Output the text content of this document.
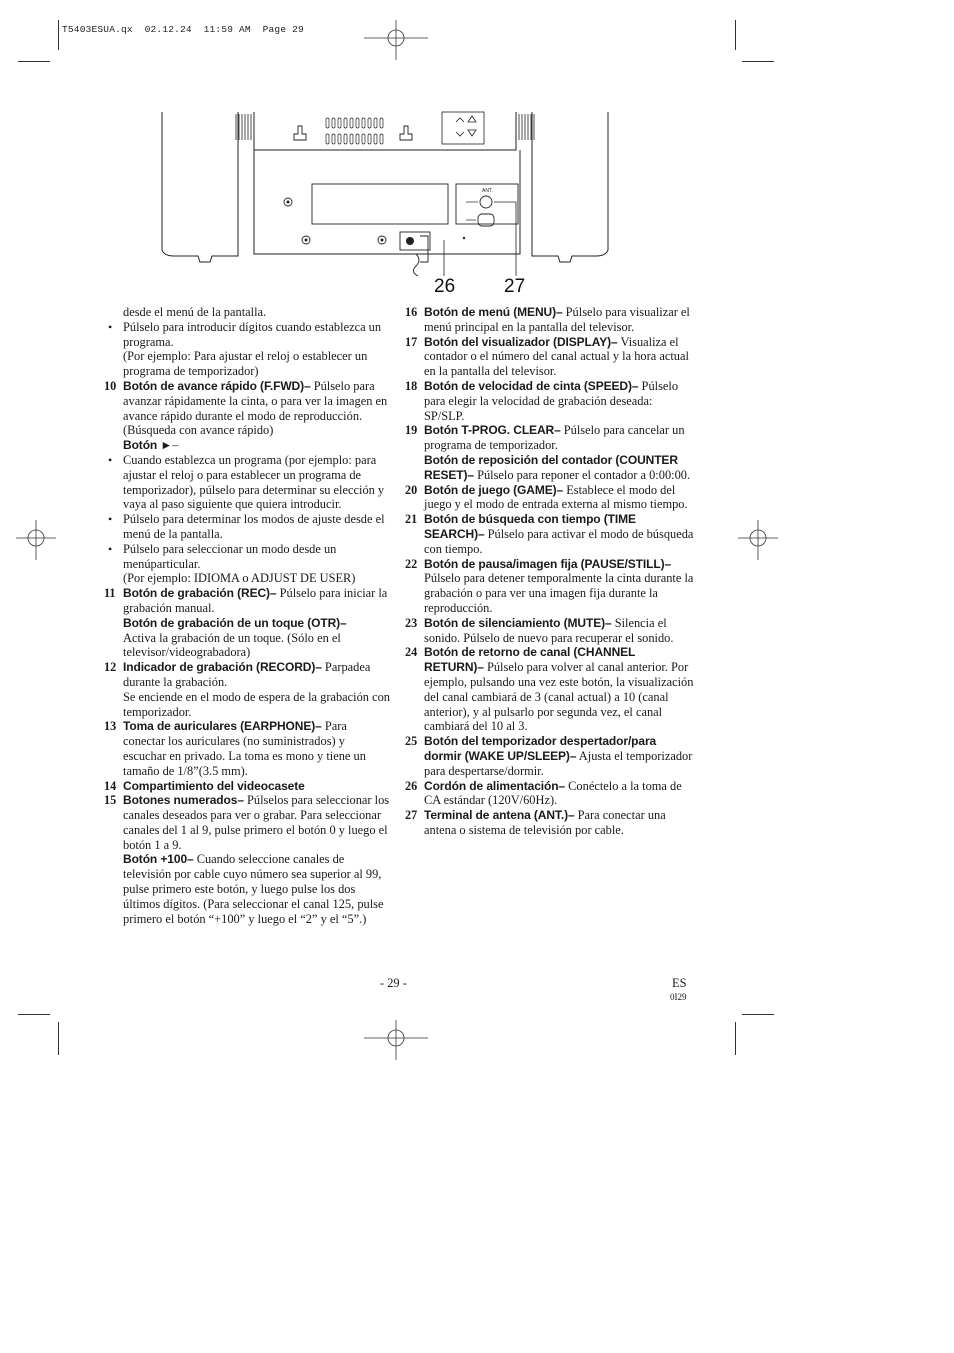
T5403ESUA.qx  02.12.24  11:59 AM  Page 29
ANT.
26	27
desde el menú de la pantalla.
• Púlselo para introducir dígitos cuando establezca un programa.
(Por ejemplo: Para ajustar el reloj o establecer un programa de temporizador)
10 Botón de avance rápido (F.FWD)– Púlselo para avanzar rápidamente la cinta, o para ver la imagen en avance rápido durante el modo de reproducción. (Búsqueda con avance rápido)
Botón ►–
• Cuando establezca un programa (por ejemplo: para ajustar el reloj o para establecer un programa de temporizador), púlselo para determinar su elección y vaya al paso siguiente que quiera introducir.
• Púlselo para determinar los modos de ajuste desde el menú de la pantalla.
• Púlselo para seleccionar un modo desde un menúparticular.
(Por ejemplo: IDIOMA o ADJUST DE USER)
11 Botón de grabación (REC)– Púlselo para iniciar la grabación manual.
Botón de grabación de un toque (OTR)–
Activa la grabación de un toque. (Sólo en el televisor/videograbadora)
12 Indicador de grabación (RECORD)– Parpadea durante la grabación.
Se enciende en el modo de espera de la grabación con temporizador.
13 Toma de auriculares (EARPHONE)– Para conectar los auriculares (no suministrados) y escuchar en privado. La toma es mono y tiene un tamaño de 1/8”(3.5 mm).
14 Compartimiento del videocasete
15 Botones numerados– Púlselos para seleccionar los canales deseados para ver o grabar. Para seleccionar canales del 1 al 9, pulse primero el botón 0 y luego el botón 1 a 9.
Botón +100– Cuando seleccione canales de televisión por cable cuyo número sea superior al 99, pulse primero este botón, y luego pulse los dos últimos dígitos. (Para seleccionar el canal 125, pulse primero el botón “+100” y luego el “2” y el “5”.)
16 Botón de menú (MENU)– Púlselo para visualizar el menú principal en la pantalla del televisor.
17 Botón del visualizador (DISPLAY)– Visualiza el contador o el número del canal actual y la hora actual en la pantalla del televisor.
18 Botón de velocidad de cinta (SPEED)– Púlselo para elegir la velocidad de grabación deseada: SP/SLP.
19 Botón T-PROG. CLEAR– Púlselo para cancelar un programa de temporizador.
Botón de reposición del contador (COUNTER RESET)– Púlselo para reponer el contador a 0:00:00.
20 Botón de juego (GAME)– Establece el modo del juego y el modo de entrada externa al mismo tiempo.
21 Botón de búsqueda con tiempo (TIME SEARCH)– Púlselo para activar el modo de búsqueda con tiempo.
22 Botón de pausa/imagen fija (PAUSE/STILL)– Púlselo para detener temporalmente la cinta durante la grabación o para ver una imagen fija durante la reproducción.
23 Botón de silenciamiento (MUTE)– Silencia el sonido. Púlselo de nuevo para recuperar el sonido.
24 Botón de retorno de canal (CHANNEL RETURN)– Púlselo para volver al canal anterior. Por ejemplo, pulsando una vez este botón, la visualización del canal cambiará de 3 (canal actual) a 10 (canal anterior), y al pulsarlo por segunda vez, el canal cambiará del 10 al 3.
25 Botón del temporizador despertador/para dormir (WAKE UP/SLEEP)– Ajusta el temporizador para despertarse/dormir.
26 Cordón de alimentación– Conéctelo a la toma de CA estándar (120V/60Hz).
27 Terminal de antena (ANT.)– Para conectar una antena o sistema de televisión por cable.
- 29 -	ES
0I29
